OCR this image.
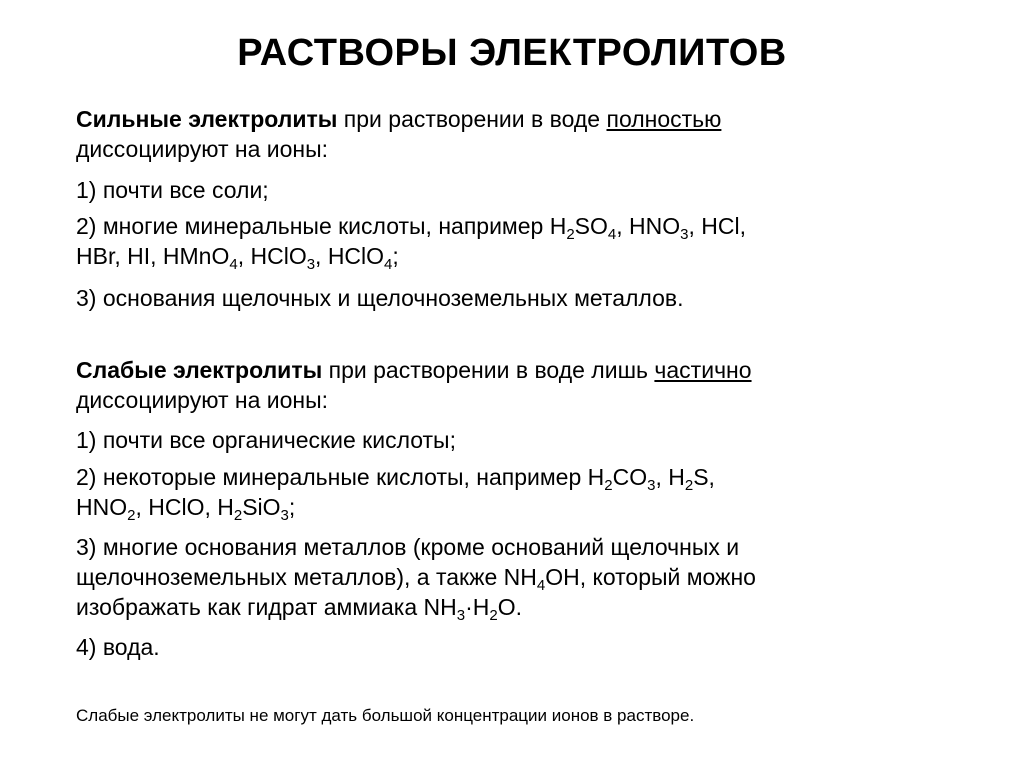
РАСТВОРЫ ЭЛЕКТРОЛИТОВ
Сильные электролиты при растворении в воде полностью
диссоциируют на ионы:
1) почти все соли;
2) многие минеральные кислоты, например $H_2SO_4$, $HNO_3$, HCl,
HBr, HI, HMnO$_4$, HClO$_3$, HClO$_4$;
3) основания щелочных и щелочноземельных металлов.
Слабые электролиты при растворении в воде лишь частично
диссоциируют на ионы:
1) почти все органические кислоты;
2) некоторые минеральные кислоты, например $H_2CO_3$, $H_2S$,
$HNO_2$, HClO, $H_2SiO_3$;
3) многие основания металлов (кроме оснований щелочных и
щелочноземельных металлов), а также $NH_4OH$, который можно
изображать как гидрат аммиака $NH_3\cdot H_2O$.
4) вода.
Слабые электролиты не могут дать большой концентрации ионов в растворе.
